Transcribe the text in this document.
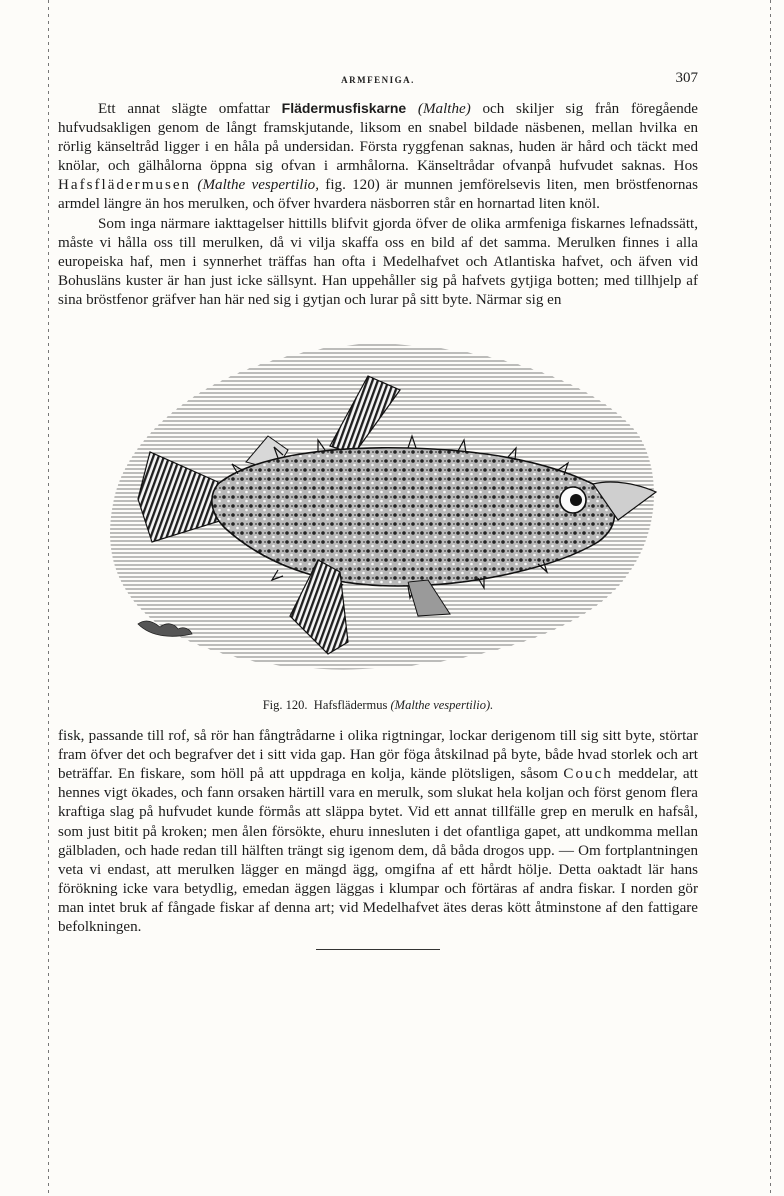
ARMFENIGA.	307

Ett annat slägte omfattar Flädermusfiskarne (Malthe) och skiljer sig från föregående hufvudsakligen genom de långt framskjutande, liksom en snabel bildade näsbenen, mellan hvilka en rörlig känseltråd ligger i en håla på undersidan. Första ryggfenan saknas, huden är hård och täckt med knölar, och gälhålorna öppna sig ofvan i armhålorna. Känseltrådar ofvanpå hufvudet saknas. Hos Hafsflädermusen (Malthe vespertilio, fig. 120) är munnen jemförelsevis liten, men bröstfenornas armdel längre än hos merulken, och öfver hvardera näsborren står en hornartad liten knöl.

Som inga närmare iakttagelser hittills blifvit gjorda öfver de olika armfeniga fiskarnes lefnadssätt, måste vi hålla oss till merulken, då vi vilja skaffa oss en bild af det samma. Merulken finnes i alla europeiska haf, men i synnerhet träffas han ofta i Medelhafvet och Atlantiska hafvet, och äfven vid Bohusläns kuster är han just icke sällsynt. Han uppehåller sig på hafvets gytjiga botten; med tillhjelp af sina bröstfenor gräfver han här ned sig i gytjan och lurar på sitt byte. Närmar sig en

Fig. 120. Hafsflädermus (Malthe vespertilio).

fisk, passande till rof, så rör han fångtrådarne i olika rigtningar, lockar derigenom till sig sitt byte, störtar fram öfver det och begrafver det i sitt vida gap. Han gör föga åtskilnad på byte, både hvad storlek och art beträffar. En fiskare, som höll på att uppdraga en kolja, kände plötsligen, såsom Couch meddelar, att hennes vigt ökades, och fann orsaken härtill vara en merulk, som slukat hela koljan och först genom flera kraftiga slag på hufvudet kunde förmås att släppa bytet. Vid ett annat tillfälle grep en merulk en hafsål, som just bitit på kroken; men ålen försökte, ehuru innesluten i det ofantliga gapet, att undkomma mellan gälbladen, och hade redan till hälften trängt sig igenom dem, då båda drogos upp. — Om fortplantningen veta vi endast, att merulken lägger en mängd ägg, omgifna af ett hårdt hölje. Detta oaktadt lär hans förökning icke vara betydlig, emedan äggen läggas i klumpar och förtäras af andra fiskar. I norden gör man intet bruk af fångade fiskar af denna art; vid Medelhafvet ätes deras kött åtminstone af den fattigare befolkningen.
